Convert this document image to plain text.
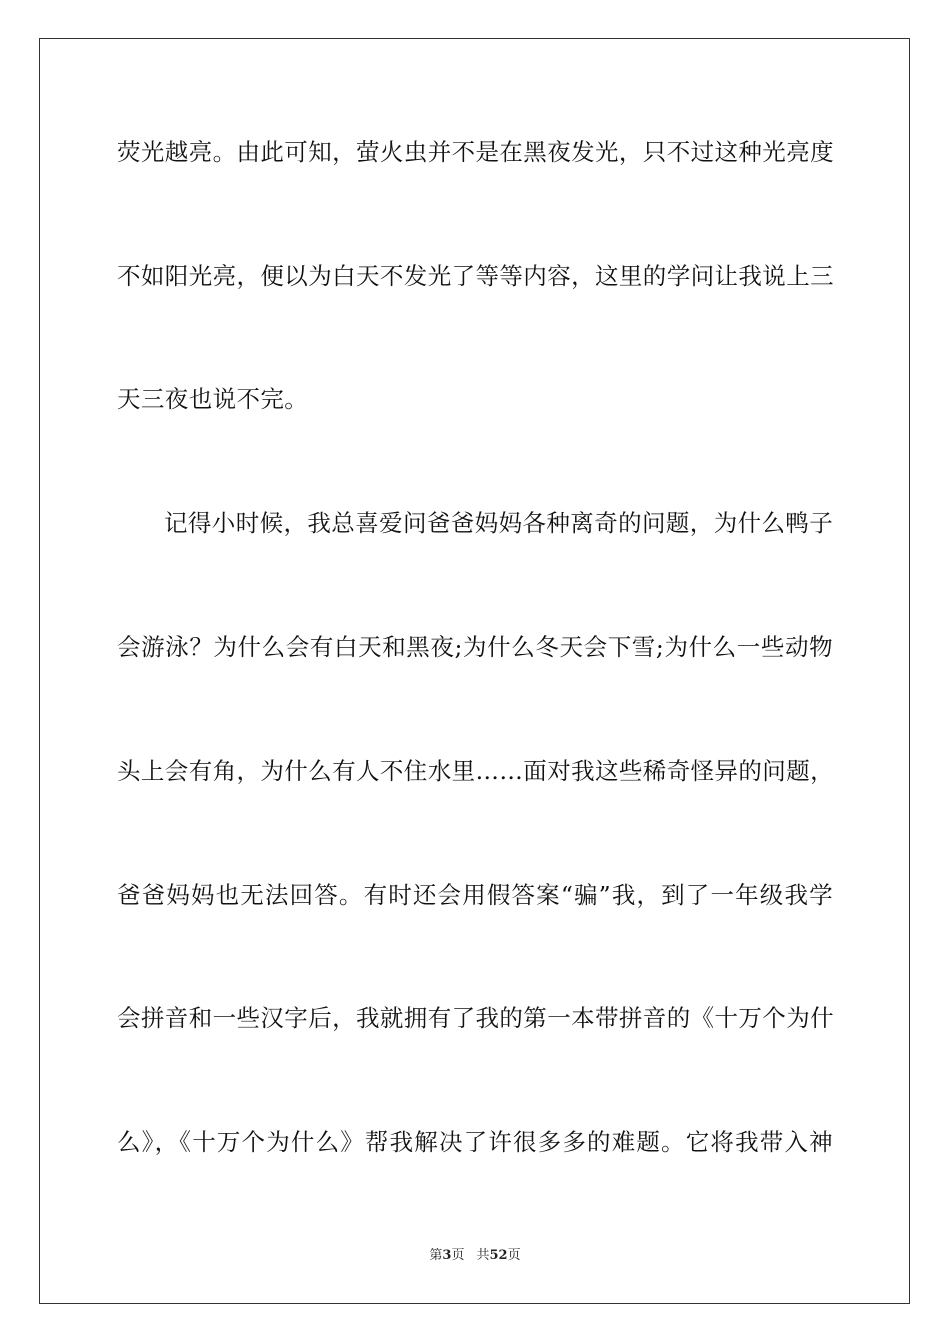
荧光越亮。由此可知，萤火虫并不是在黑夜发光，只不过这种光亮度
不如阳光亮，便以为白天不发光了等等内容，这里的学问让我说上三
天三夜也说不完。
记得小时候，我总喜爱问爸爸妈妈各种离奇的问题，为什么鸭子
会游泳？为什么会有白天和黑夜;为什么冬天会下雪;为什么一些动物
头上会有角，为什么有人不住水里……面对我这些稀奇怪异的问题，
爸爸妈妈也无法回答。有时还会用假答案“骗”我，到了一年级我学
会拼音和一些汉字后，我就拥有了我的第一本带拼音的《十万个为什
么》，《十万个为什么》帮我解决了许很多多的难题。它将我带入神
第3页 共52页
